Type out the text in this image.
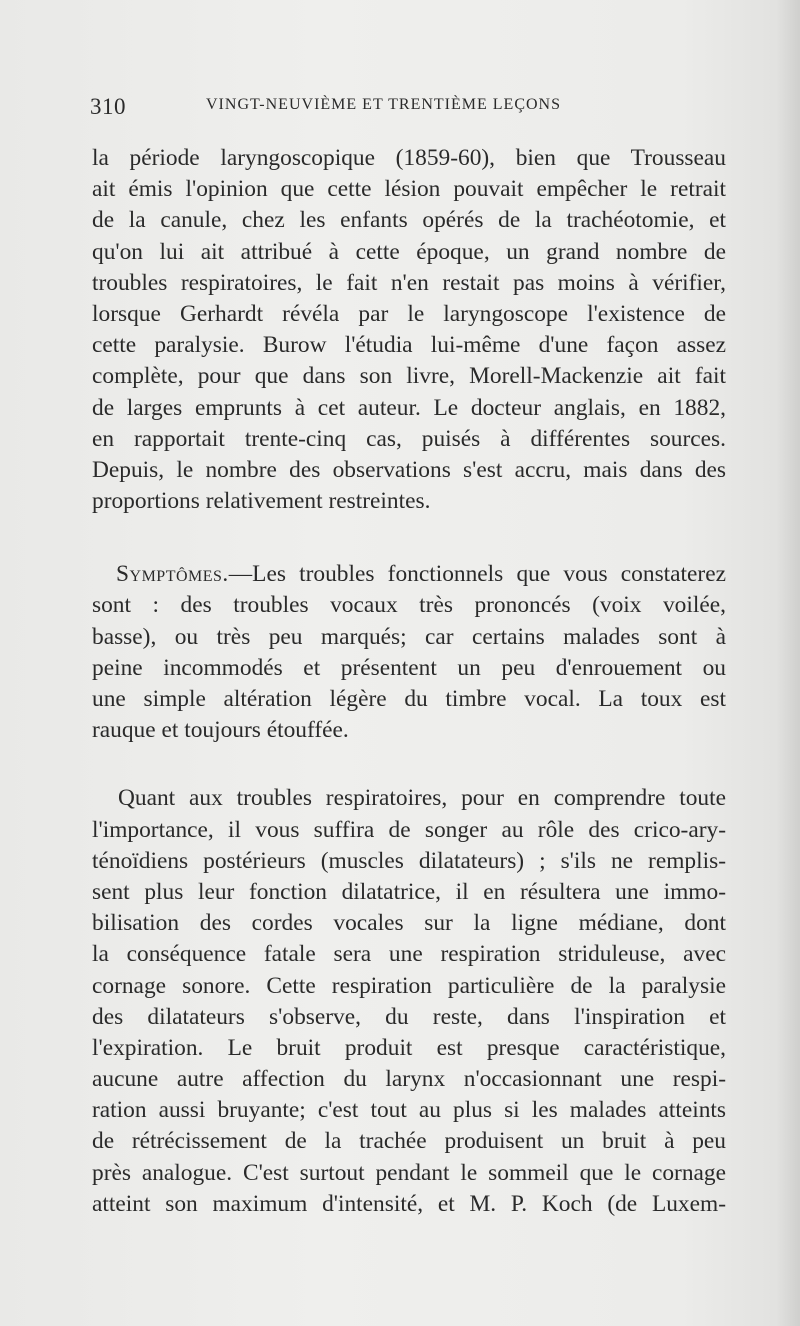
310	VINGT-NEUVIÈME ET TRENTIÈME LEÇONS
la période laryngoscopique (1859-60), bien que Trousseau
ait émis l'opinion que cette lésion pouvait empêcher le retrait
de la canule, chez les enfants opérés de la trachéotomie, et
qu'on lui ait attribué à cette époque, un grand nombre de
troubles respiratoires, le fait n'en restait pas moins à vérifier,
lorsque Gerhardt révéla par le laryngoscope l'existence de
cette paralysie. Burow l'étudia lui-même d'une façon assez
complète, pour que dans son livre, Morell-Mackenzie ait fait
de larges emprunts à cet auteur. Le docteur anglais, en 1882,
en rapportait trente-cinq cas, puisés à différentes sources.
Depuis, le nombre des observations s'est accru, mais dans des
proportions relativement restreintes.
Symptômes.—Les troubles fonctionnels que vous constaterez
sont : des troubles vocaux très prononcés (voix voilée,
basse), ou très peu marqués; car certains malades sont à
peine incommodés et présentent un peu d'enrouement ou
une simple altération légère du timbre vocal. La toux est
rauque et toujours étouffée.
Quant aux troubles respiratoires, pour en comprendre toute
l'importance, il vous suffira de songer au rôle des crico-ary-
ténoïdiens postérieurs (muscles dilatateurs) ; s'ils ne remplis-
sent plus leur fonction dilatatrice, il en résultera une immo-
bilisation des cordes vocales sur la ligne médiane, dont
la conséquence fatale sera une respiration striduleuse, avec
cornage sonore. Cette respiration particulière de la paralysie
des dilatateurs s'observe, du reste, dans l'inspiration et
l'expiration. Le bruit produit est presque caractéristique,
aucune autre affection du larynx n'occasionnant une respi-
ration aussi bruyante; c'est tout au plus si les malades atteints
de rétrécissement de la trachée produisent un bruit à peu
près analogue. C'est surtout pendant le sommeil que le cornage
atteint son maximum d'intensité, et M. P. Koch (de Luxem-
